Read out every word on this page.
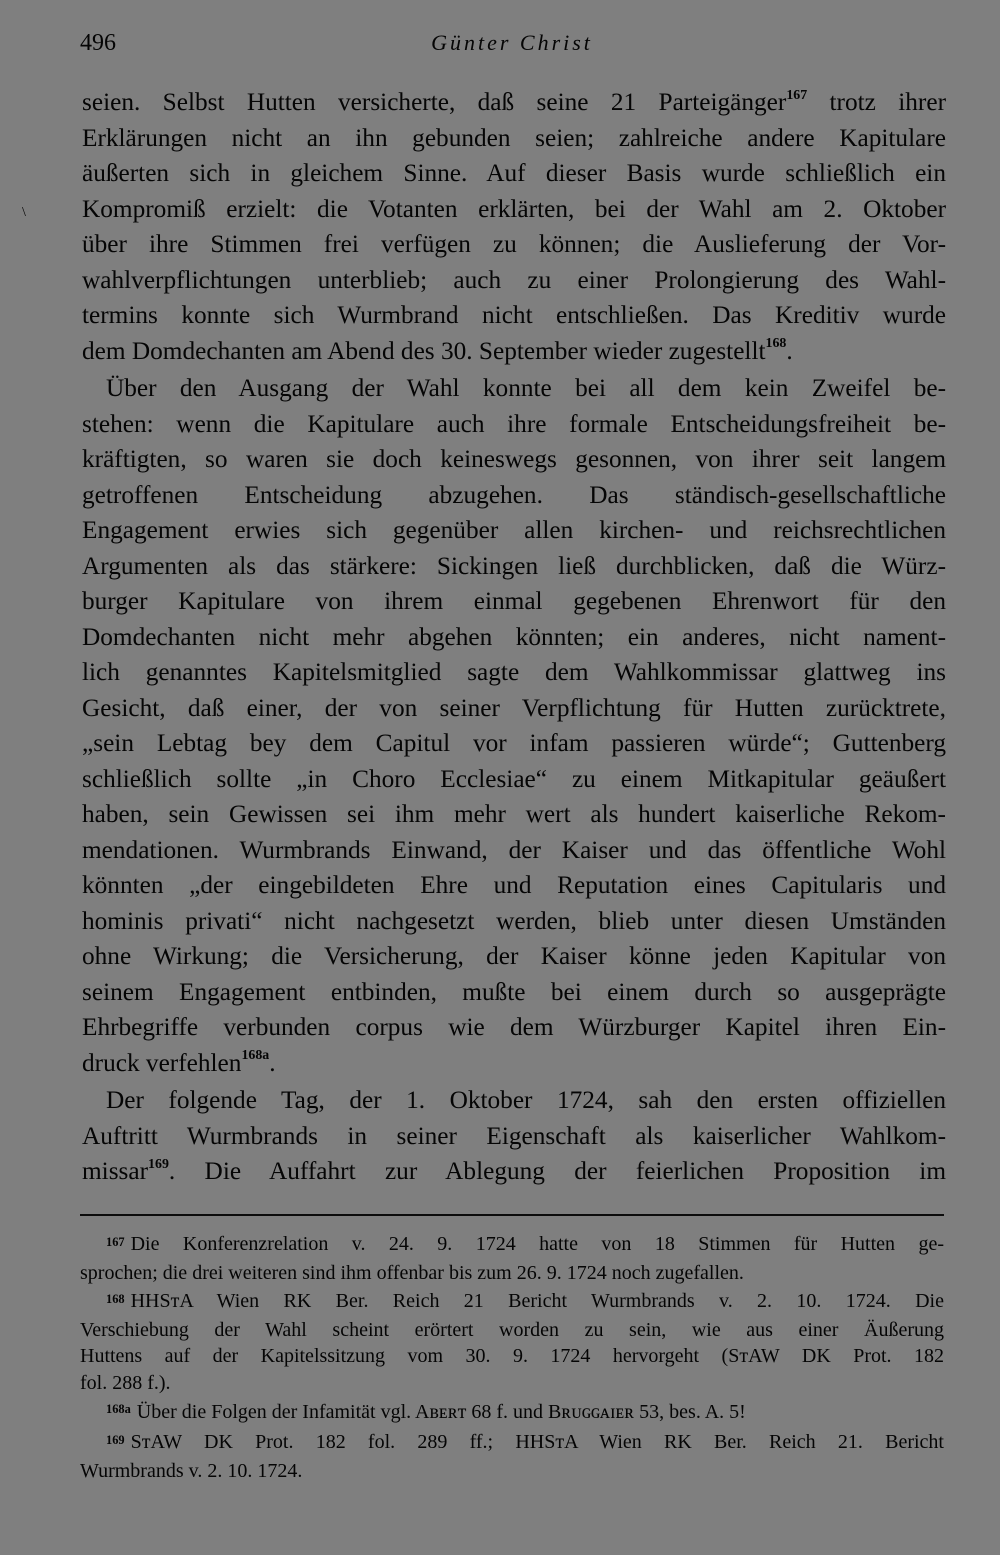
496	Günter Christ
\

seien. Selbst Hutten versicherte, daß seine 21 Parteigänger$^{167}$ trotz ihrer
Erklärungen nicht an ihn gebunden seien; zahlreiche andere Kapitulare
äußerten sich in gleichem Sinne. Auf dieser Basis wurde schließlich ein
Kompromiß erzielt: die Votanten erklärten, bei der Wahl am 2. Oktober
über ihre Stimmen frei verfügen zu können; die Auslieferung der Vor-
wahlverpflichtungen unterblieb; auch zu einer Prolongierung des Wahl-
termins konnte sich Wurmbrand nicht entschließen. Das Kreditiv wurde
dem Domdechanten am Abend des 30. September wieder zugestellt$^{168}$.

Über den Ausgang der Wahl konnte bei all dem kein Zweifel be-
stehen: wenn die Kapitulare auch ihre formale Entscheidungsfreiheit be-
kräftigten, so waren sie doch keineswegs gesonnen, von ihrer seit langem
getroffenen Entscheidung abzugehen. Das ständisch-gesellschaftliche
Engagement erwies sich gegenüber allen kirchen- und reichsrechtlichen
Argumenten als das stärkere: Sickingen ließ durchblicken, daß die Würz-
burger Kapitulare von ihrem einmal gegebenen Ehrenwort für den
Domdechanten nicht mehr abgehen könnten; ein anderes, nicht nament-
lich genanntes Kapitelsmitglied sagte dem Wahlkommissar glattweg ins
Gesicht, daß einer, der von seiner Verpflichtung für Hutten zurücktrete,
„sein Lebtag bey dem Capitul vor infam passieren würde“; Guttenberg
schließlich sollte „in Choro Ecclesiae“ zu einem Mitkapitular geäußert
haben, sein Gewissen sei ihm mehr wert als hundert kaiserliche Rekom-
mendationen. Wurmbrands Einwand, der Kaiser und das öffentliche Wohl
könnten „der eingebildeten Ehre und Reputation eines Capitularis und
hominis privati“ nicht nachgesetzt werden, blieb unter diesen Umständen
ohne Wirkung; die Versicherung, der Kaiser könne jeden Kapitular von
seinem Engagement entbinden, mußte bei einem durch so ausgeprägte
Ehrbegriffe verbunden corpus wie dem Würzburger Kapitel ihren Ein-
druck verfehlen$^{168a}$.

Der folgende Tag, der 1. Oktober 1724, sah den ersten offiziellen
Auftritt Wurmbrands in seiner Eigenschaft als kaiserlicher Wahlkom-
missar$^{169}$. Die Auffahrt zur Ablegung der feierlichen Proposition im

$^{167}$ Die Konferenzrelation v. 24. 9. 1724 hatte von 18 Stimmen für Hutten ge-
sprochen; die drei weiteren sind ihm offenbar bis zum 26. 9. 1724 noch zugefallen.
$^{168}$ HHSᴛA Wien RK Ber. Reich 21 Bericht Wurmbrands v. 2. 10. 1724. Die
Verschiebung der Wahl scheint erörtert worden zu sein, wie aus einer Äußerung
Huttens auf der Kapitelssitzung vom 30. 9. 1724 hervorgeht (SᴛAW DK Prot. 182
fol. 288 f.).
$^{168a}$ Über die Folgen der Infamität vgl. Aʙᴇʀᴛ 68 f. und Bʀᴜɢɢᴀɪᴇʀ 53, bes. A. 5!
$^{169}$ SᴛAW DK Prot. 182 fol. 289 ff.; HHSᴛA Wien RK Ber. Reich 21. Bericht
Wurmbrands v. 2. 10. 1724.
